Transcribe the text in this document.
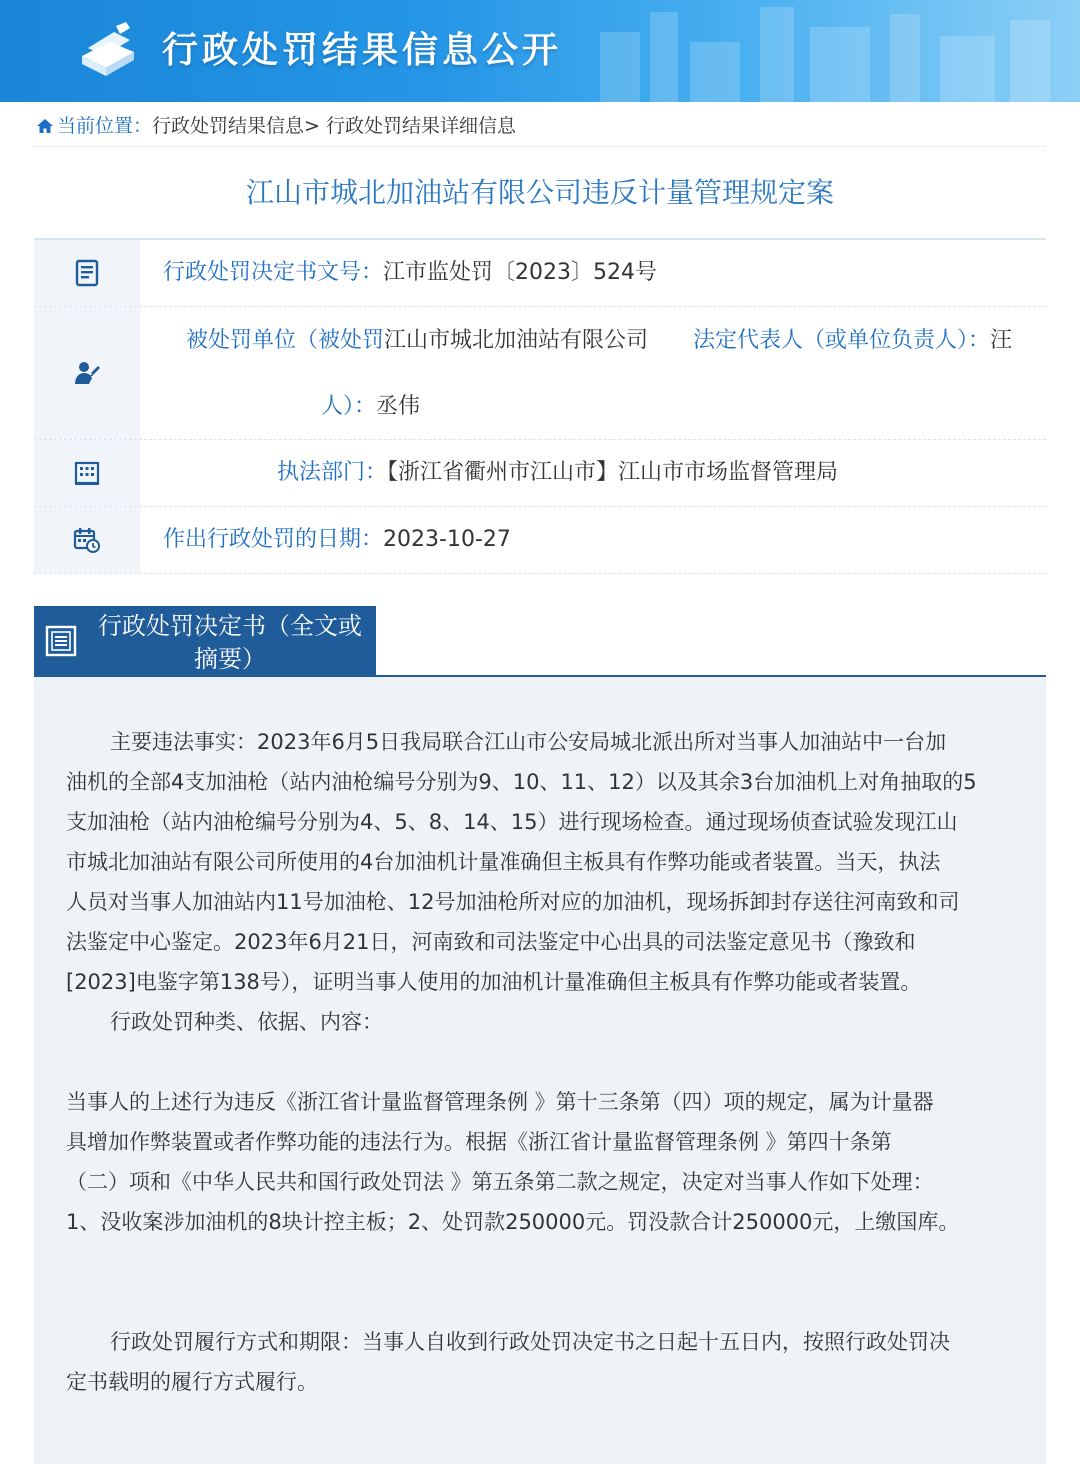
行政处罚结果信息公开
当前位置： 行政处罚结果信息> 行政处罚结果详细信息
江山市城北加油站有限公司违反计量管理规定案
行政处罚决定书文号：江市监处罚〔2023〕524号
被处罚单位（被处罚江山市城北加油站有限公司 法定代表人（或单位负责人）：汪
人）：丞伟
执法部门：【浙江省衢州市江山市】江山市市场监督管理局
作出行政处罚的日期：2023-10-27
行政处罚决定书（全文或摘要）
主要违法事实：2023年6月5日我局联合江山市公安局城北派出所对当事人加油站中一台加
油机的全部4支加油枪（站内油枪编号分别为9、10、11、12）以及其余3台加油机上对角抽取的5
支加油枪（站内油枪编号分别为4、5、8、14、15）进行现场检查。通过现场侦查试验发现江山
市城北加油站有限公司所使用的4台加油机计量准确但主板具有作弊功能或者装置。当天，执法
人员对当事人加油站内11号加油枪、12号加油枪所对应的加油机，现场拆卸封存送往河南致和司
法鉴定中心鉴定。2023年6月21日，河南致和司法鉴定中心出具的司法鉴定意见书（豫致和
[2023]电鉴字第138号），证明当事人使用的加油机计量准确但主板具有作弊功能或者装置。
行政处罚种类、依据、内容：
当事人的上述行为违反《浙江省计量监督管理条例 》第十三条第（四）项的规定，属为计量器
具增加作弊装置或者作弊功能的违法行为。根据《浙江省计量监督管理条例 》第四十条第
（二）项和《中华人民共和国行政处罚法 》第五条第二款之规定，决定对当事人作如下处理：
1、没收案涉加油机的8块计控主板；2、处罚款250000元。罚没款合计250000元，上缴国库。
行政处罚履行方式和期限：当事人自收到行政处罚决定书之日起十五日内，按照行政处罚决
定书载明的履行方式履行。
